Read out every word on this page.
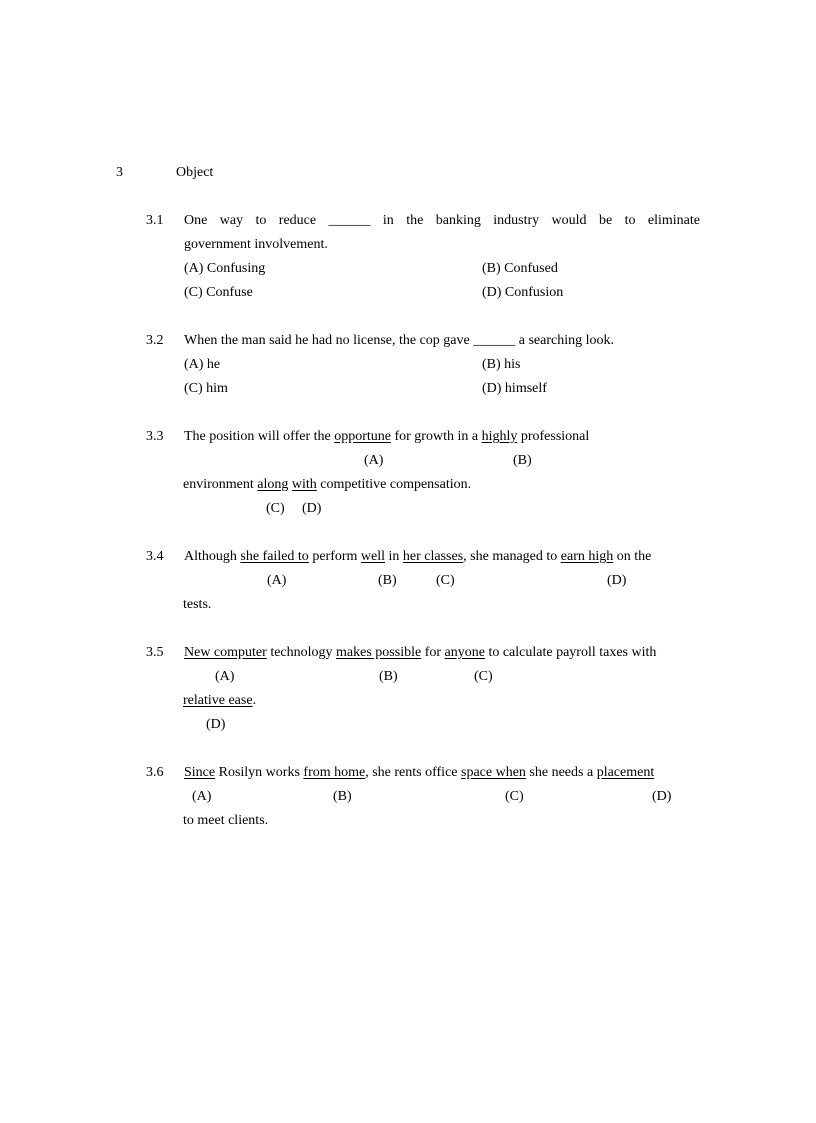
3	Object
3.1 One way to reduce ______ in the banking industry would be to eliminate
government involvement.
(A) Confusing	(B) Confused
(C) Confuse	(D) Confusion
3.2 When the man said he had no license, the cop gave ______ a searching look.
(A) he	(B) his
(C) him	(D) himself
3.3 The position will offer the opportune for growth in a highly professional
(A)	(B)
environment along with competitive compensation.
(C) (D)
3.4 Although she failed to perform well in her classes, she managed to earn high on the
(A)	(B)	(C)	(D)
tests.
3.5 New computer technology makes possible for anyone to calculate payroll taxes with
(A)	(B)	(C)
relative ease.
(D)
3.6 Since Rosilyn works from home, she rents office space when she needs a placement
(A)	(B)	(C)	(D)
to meet clients.
